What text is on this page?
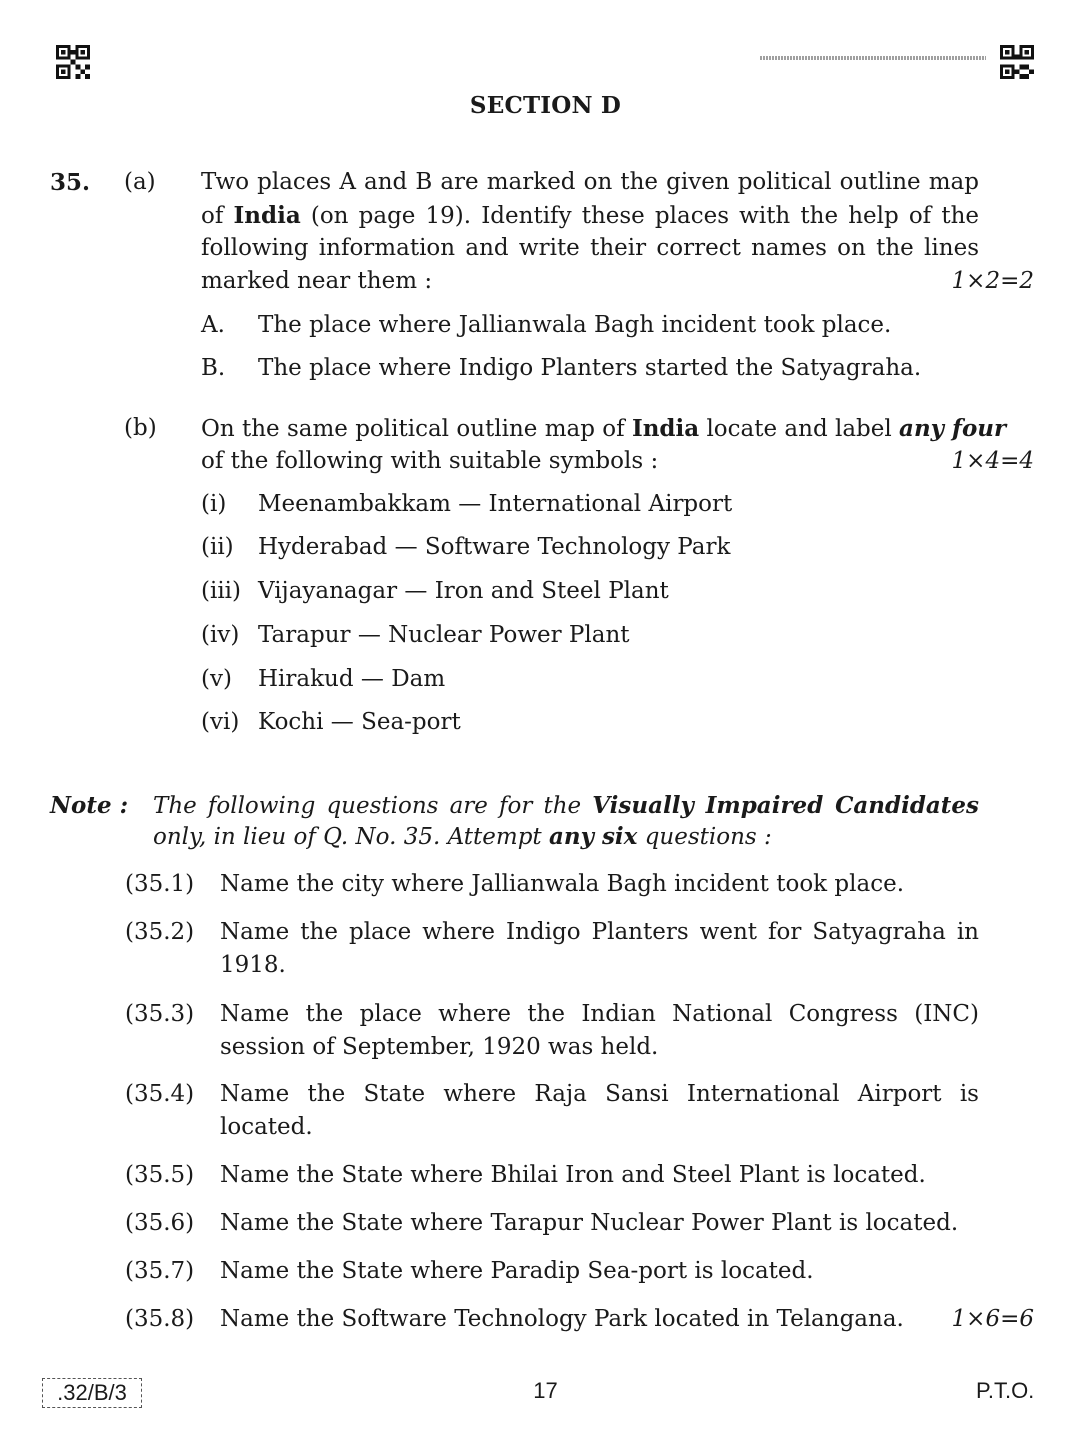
SECTION D
35. (a) Two places A and B are marked on the given political outline map
of India (on page 19). Identify these places with the help of the
following information and write their correct names on the lines
marked near them :	1×2=2
A. The place where Jallianwala Bagh incident took place.
B. The place where Indigo Planters started the Satyagraha.
(b) On the same political outline map of India locate and label any four
of the following with suitable symbols :	1×4=4
(i) Meenambakkam — International Airport
(ii) Hyderabad — Software Technology Park
(iii) Vijayanagar — Iron and Steel Plant
(iv) Tarapur — Nuclear Power Plant
(v) Hirakud — Dam
(vi) Kochi — Sea-port
Note : The following questions are for the Visually Impaired Candidates
only, in lieu of Q. No. 35. Attempt any six questions :
(35.1) Name the city where Jallianwala Bagh incident took place.
(35.2) Name the place where Indigo Planters went for Satyagraha in
1918.
(35.3) Name the place where the Indian National Congress (INC)
session of September, 1920 was held.
(35.4) Name the State where Raja Sansi International Airport is
located.
(35.5) Name the State where Bhilai Iron and Steel Plant is located.
(35.6) Name the State where Tarapur Nuclear Power Plant is located.
(35.7) Name the State where Paradip Sea-port is located.
(35.8) Name the Software Technology Park located in Telangana. 1×6=6
.32/B/3	17	P.T.O.
